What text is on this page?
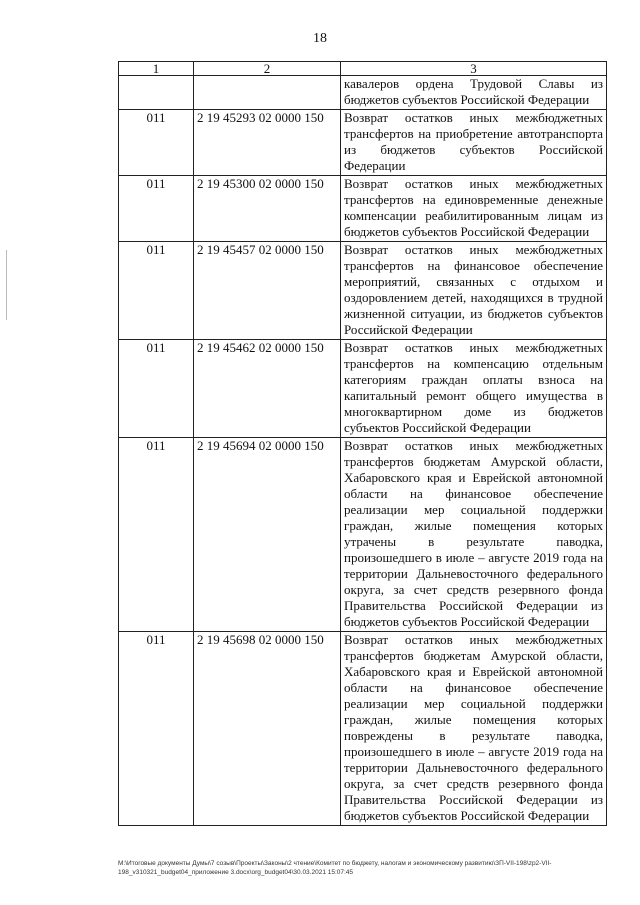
18
1	2	3
		кавалеров ордена Трудовой Славы из бюджетов субъектов Российской Федерации
011	2 19 45293 02 0000 150	Возврат остатков иных межбюджетных трансфертов на приобретение автотранспорта из бюджетов субъектов Российской Федерации
011	2 19 45300 02 0000 150	Возврат остатков иных межбюджетных трансфертов на единовременные денежные компенсации реабилитированным лицам из бюджетов субъектов Российской Федерации
011	2 19 45457 02 0000 150	Возврат остатков иных межбюджетных трансфертов на финансовое обеспечение мероприятий, связанных с отдыхом и оздоровлением детей, находящихся в трудной жизненной ситуации, из бюджетов субъектов Российской Федерации
011	2 19 45462 02 0000 150	Возврат остатков иных межбюджетных трансфертов на компенсацию отдельным категориям граждан оплаты взноса на капитальный ремонт общего имущества в многоквартирном доме из бюджетов субъектов Российской Федерации
011	2 19 45694 02 0000 150	Возврат остатков иных межбюджетных трансфертов бюджетам Амурской области, Хабаровского края и Еврейской автономной области на финансовое обеспечение реализации мер социальной поддержки граждан, жилые помещения которых утрачены в результате паводка, произошедшего в июле – августе 2019 года на территории Дальневосточного федерального округа, за счет средств резервного фонда Правительства Российской Федерации из бюджетов субъектов Российской Федерации
011	2 19 45698 02 0000 150	Возврат остатков иных межбюджетных трансфертов бюджетам Амурской области, Хабаровского края и Еврейской автономной области на финансовое обеспечение реализации мер социальной поддержки граждан, жилые помещения которых повреждены в результате паводка, произошедшего в июле – августе 2019 года на территории Дальневосточного федерального округа, за счет средств резервного фонда Правительства Российской Федерации из бюджетов субъектов Российской Федерации
М:\Итоговые документы Думы\7 созыв\Проекты\Законы\2 чтение\Комитет по бюджету, налогам и экономическому развитию\ЗП-VII-198\zp2-VII-
198_v310321_budget04_приложение 3.docx\org_budget04\30.03.2021 15:07:45
